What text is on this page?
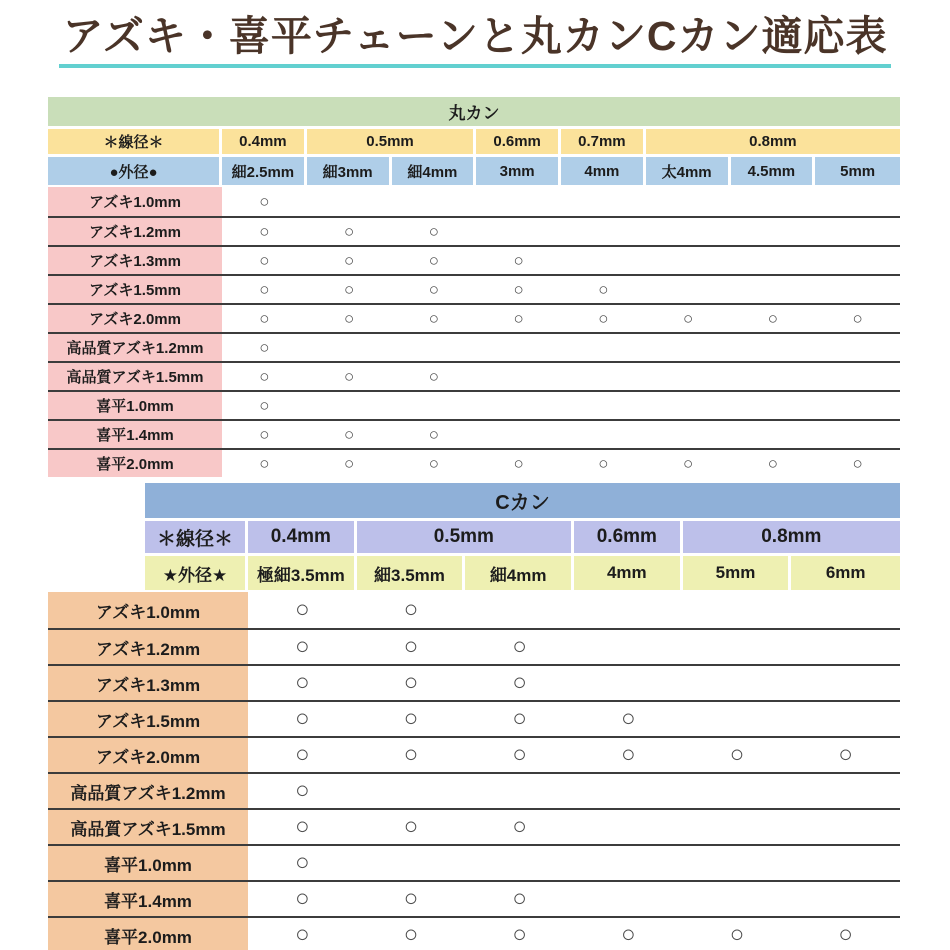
アズキ・喜平チェーンと丸カンCカン適応表
丸カン
＊線径＊	0.4mm	0.5mm	0.6mm	0.7mm	0.8mm
●外径●	細2.5mm	細3mm	細4mm	3mm	4mm	太4mm	4.5mm	5mm
アズキ1.0mm	○
アズキ1.2mm	○	○	○
アズキ1.3mm	○	○	○	○
アズキ1.5mm	○	○	○	○	○
アズキ2.0mm	○	○	○	○	○	○	○	○
高品質アズキ1.2mm	○
高品質アズキ1.5mm	○	○	○
喜平1.0mm	○
喜平1.4mm	○	○	○
喜平2.0mm	○	○	○	○	○	○	○	○
Cカン
＊線径＊	0.4mm	0.5mm	0.6mm	0.8mm
★外径★	極細3.5mm	細3.5mm	細4mm	4mm	5mm	6mm
アズキ1.0mm	○	○
アズキ1.2mm	○	○	○
アズキ1.3mm	○	○	○
アズキ1.5mm	○	○	○	○
アズキ2.0mm	○	○	○	○	○	○
高品質アズキ1.2mm	○
高品質アズキ1.5mm	○	○	○
喜平1.0mm	○
喜平1.4mm	○	○	○
喜平2.0mm	○	○	○	○	○	○
